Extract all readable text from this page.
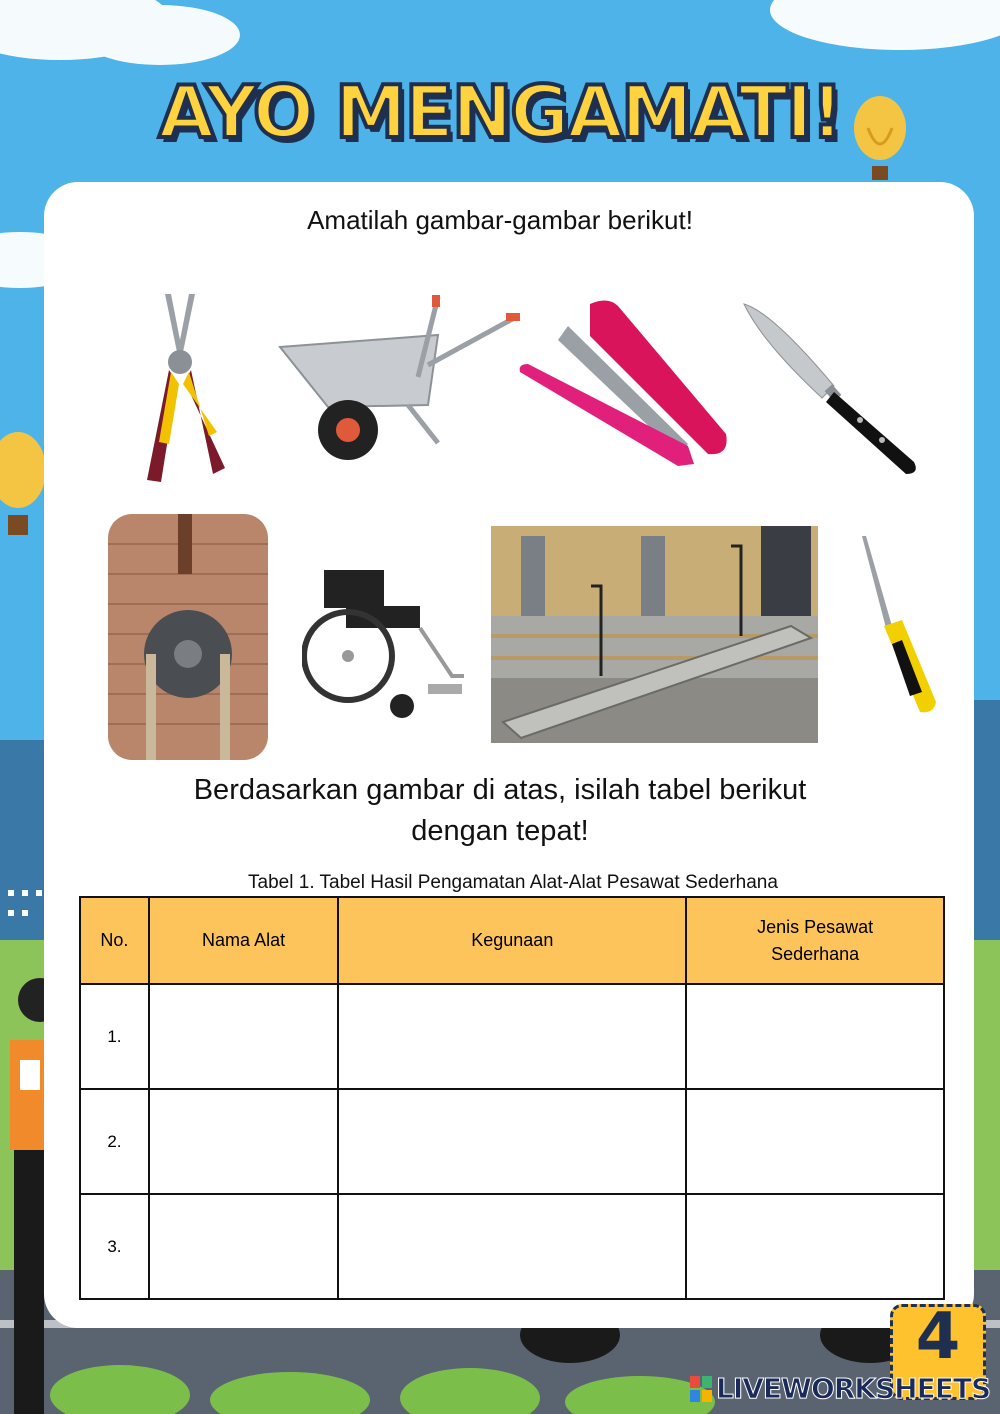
AYO MENGAMATI!
Amatilah gambar-gambar berikut!
Berdasarkan gambar di atas, isilah tabel berikut dengan tepat!
Tabel 1. Tabel Hasil Pengamatan Alat-Alat Pesawat Sederhana
No.	Nama Alat	Kegunaan	Jenis Pesawat Sederhana
1.			
2.			
3.			
4
LIVEWORKSHEETS
